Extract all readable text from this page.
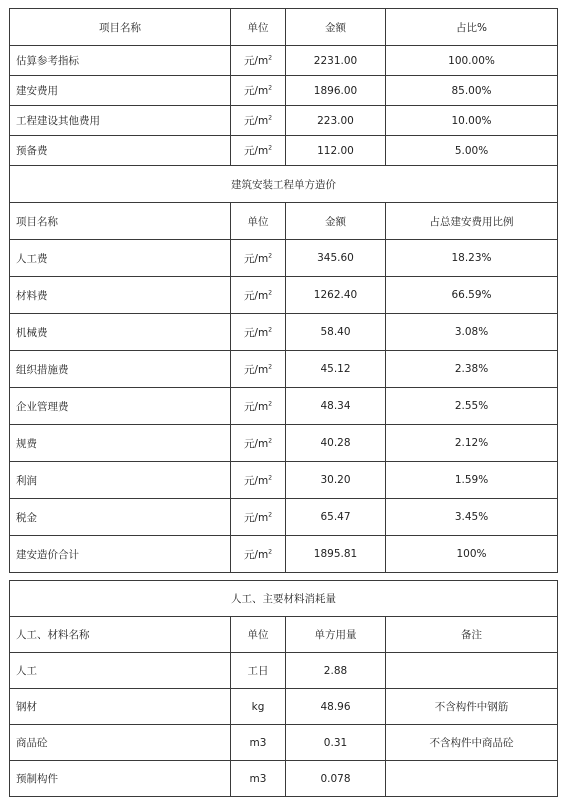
项目名称	单位	金额	占比%
估算参考指标	元$/m^2$	2231.00	100.00%
建安费用	元$/m^2$	1896.00	85.00%
工程建设其他费用	元$/m^2$	223.00	10.00%
预备费	元$/m^2$	112.00	5.00%
建筑安装工程单方造价			
项目名称	单位	金额	占总建安费用比例
人工费	元$/m^2$	345.60	18.23%
材料费	元$/m^2$	1262.40	66.59%
机械费	元$/m^2$	58.40	3.08%
组织措施费	元$/m^2$	45.12	2.38%
企业管理费	元$/m^2$	48.34	2.55%
规费	元$/m^2$	40.28	2.12%
利润	元$/m^2$	30.20	1.59%
税金	元$/m^2$	65.47	3.45%
建安造价合计	元$/m^2$	1895.81	100%
人工、主要材料消耗量			
人工、材料名称	单位	单方用量	备注
人工	工日	2.88	
钢材	kg	48.96	不含构件中钢筋
商品砼	m3	0.31	不含构件中商品砼
预制构件	m3	0.078	
